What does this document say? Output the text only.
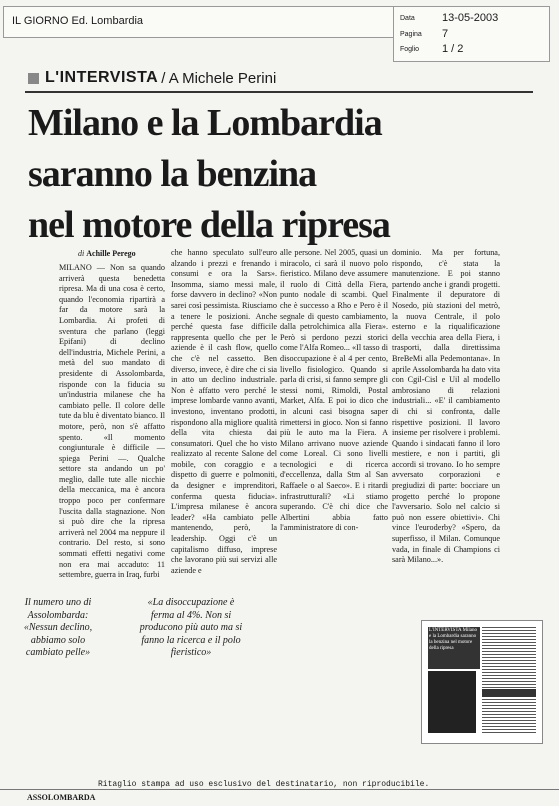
IL GIORNO Ed. Lombardia	Data 13-05-2003
Pagina 7
Foglio 1 / 2
L'INTERVISTA / A Michele Perini
Milano e la Lombardia
saranno la benzina
nel motore della ripresa
di Achille Perego
MILANO — Non sa quando arriverà questa benedetta ripresa. Ma di una cosa è certo, quando l'economia ripartirà a far da motore sarà la Lombardia. Ai profeti di sventura che parlano (leggi Epifani) di declino dell'industria, Michele Perini, a metà del suo mandato di presidente di Assolombarda, risponde con la fiducia su un'industria milanese che ha cambiato pelle. Il colore delle tute da blu è diventato bianco. Il motore, però, non s'è affatto spento. «Il momento congiunturale è difficile — spiega Perini —. Qualche settore sta andando un po' meglio, dalle tute alle nicchie della meccanica, ma è ancora troppo poco per confermare l'uscita dalla stagnazione. Non si può dire che la ripresa arriverà nel 2004 ma neppure il contrario. Del resto, si sono sommati effetti negativi come non era mai accaduto: 11 settembre, guerra in Iraq, furbi
che hanno speculato sull'euro alzando i prezzi e frenando i consumi e ora la Sars». Insomma, siamo messi male, forse davvero in declino? «Non sarei così pessimista. Riusciamo a tenere le posizioni. Anche perché questa fase difficile rappresenta quello che per le aziende è il cash flow, quello che c'è nel cassetto. Ben diverso, invece, è dire che ci sia in atto un declino industriale. Non è affatto vero perché le imprese lombarde vanno avanti, investono, inventano prodotti, rispondono alla migliore qualità della vita chiesta dai consumatori. Quel che ho visto realizzato al recente Salone del mobile, con coraggio e a dispetto di guerre e polmoniti, da designer e imprenditori, conferma questa fiducia». L'impresa milanese è ancora leader? «Ha cambiato pelle mantenendo, però, la leadership. Oggi c'è un capitalismo diffuso, imprese che lavorano più sui servizi alle aziende e
alle persone. Nel 2005, quasi un miracolo, ci sarà il nuovo polo fieristico. Milano deve assumere il ruolo di Città della Fiera, punto nodale di scambi. Quel che è successo a Rho e Pero è il segnale di questo cambiamento, dalla petrolchimica alla Fiera». Però si perdono pezzi storici come l'Alfa Romeo... «Il tasso di disoccupazione è al 4 per cento, livello fisiologico. Quando si parla di crisi, si fanno sempre gli stessi nomi, Rimoldi, Postal Market, Alfa. E poi io dico che in alcuni casi bisogna saper rimettersi in gioco. Non si fanno più le auto ma la Fiera. A Milano arrivano nuove aziende come Loreal. Ci sono livelli tecnologici e di ricerca d'eccellenza, dalla Stm al San Raffaele o al Saeco». E i ritardi infrastrutturali? «Li stiamo superando. C'è chi dice che Albertini abbia fatto l'amministratore di con-
dominio. Ma per fortuna, rispondo, c'è stata la manutenzione. E poi stanno partendo anche i grandi progetti. Finalmente il depuratore di Nosedo, più stazioni del metrò, la nuova Centrale, il polo esterno e la riqualificazione della vecchia area della Fiera, i trasporti, dalla direttissima BreBeMi alla Pedemontana». In aprile Assolombarda ha dato vita con Cgil-Cisl e Uil al modello ambrosiano di relazioni industriali... «E' il cambiamento di chi si confronta, dalle rispettive posizioni. Il lavoro insieme per risolvere i problemi. Quando i sindacati fanno il loro mestiere, e non i partiti, gli accordi si trovano. Io ho sempre avversato corporazioni e pregiudizi di parte: bocciare un progetto perché lo propone l'avversario. Solo nel calcio si può non essere obiettivi». Chi vince l'euroderby? «Spero, da superfisso, il Milan. Comunque vada, in finale di Champions ci sarà Milano...».
Il numero uno di Assolombarda: «Nessun declino, abbiamo solo cambiato pelle»
«La disoccupazione è ferma al 4%. Non si producono più auto ma si fanno la ricerca e il polo fieristico»
L'INTERVISTA Milano e la Lombardia saranno la benzina nel motore della ripresa
Ritaglio stampa ad uso esclusivo del destinatario, non riproducibile.
ASSOLOMBARDA
